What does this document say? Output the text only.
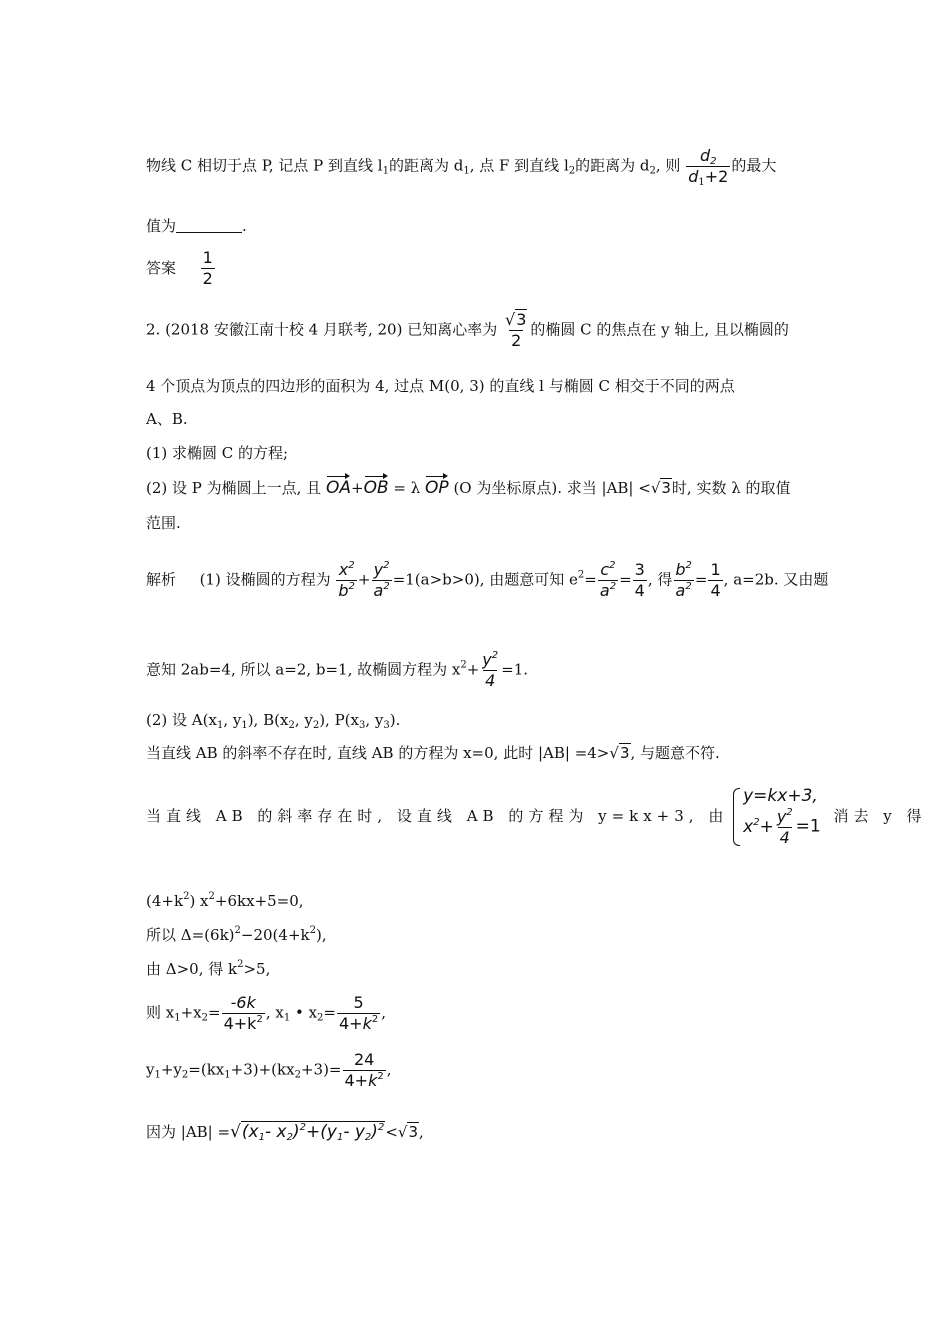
物线 C 相切于点 P, 记点 P 到直线 $l_1$的距离为 $d_1$, 点 F 到直线 $l_2$的距离为 $d_2$, 则 $\frac{d_2}{d_1+2}$ 的最大
值为	.
答案 $\frac{1}{2}$
2. (2018 安徽江南十校 4 月联考, 20) 已知离心率为 $\frac{√3}{2}$ 的椭圆 C 的焦点在 y 轴上, 且以椭圆的
4 个顶点为顶点的四边形的面积为 4, 过点 M(0, 3) 的直线 l 与椭圆 C 相交于不同的两点
A、B.
(1) 求椭圆 C 的方程;
(2) 设 P 为椭圆上一点, 且 OA+OB = λ OP (O 为坐标原点). 求当 |AB| <√3时, 实数 λ 的取值
范围.
解析 (1) 设椭圆的方程为 $\frac{x^2}{b^2} + \frac{y^2}{a^2} =1(a>b>0)$, 由题意可知 $e^2= \frac{c^2}{a^2} = \frac{3}{4}$ , 得 $\frac{b^2}{a^2} = \frac{1}{4}$ , a=2b. 又由题
意知 2ab=4, 所以 a=2, b=1, 故椭圆方程为 $x^2+ \frac{y^2}{4} =1$.
(2) 设 $A(x_1$, $y_1$), $B(x_2$, $y_2$), $P(x_3$, $y_3$).
当直线 AB 的斜率不存在时, 直线 AB 的方程为 x=0, 此时 |AB| =4>√3, 与题意不符.
当直线 AB 的斜率存在时, 设直线 AB 的方程为 y=kx+3, 由
y=kx+3,
$x^2+ \frac{y^2}{4} =1$
消去 y 得
$(4+k^2)$ $x^2+6kx+5=0$,
所以 $\Delta=(6k)^2-20(4+k^2)$,
由 Δ>0, 得 $k^2>5$,
则 $x_1+x_2= \frac{-6k}{4+k^2}$ , $x_1$ • $x_2= \frac{5}{4+k^2}$ ,
$y_1+y_2=(kx_1+3)+(kx_2+3)= \frac{24}{4+k^2}$ ,
因为 $|AB| =√(x_1-$ $x_2)^2+(y_1-$ $y_2)^2<√3$,
